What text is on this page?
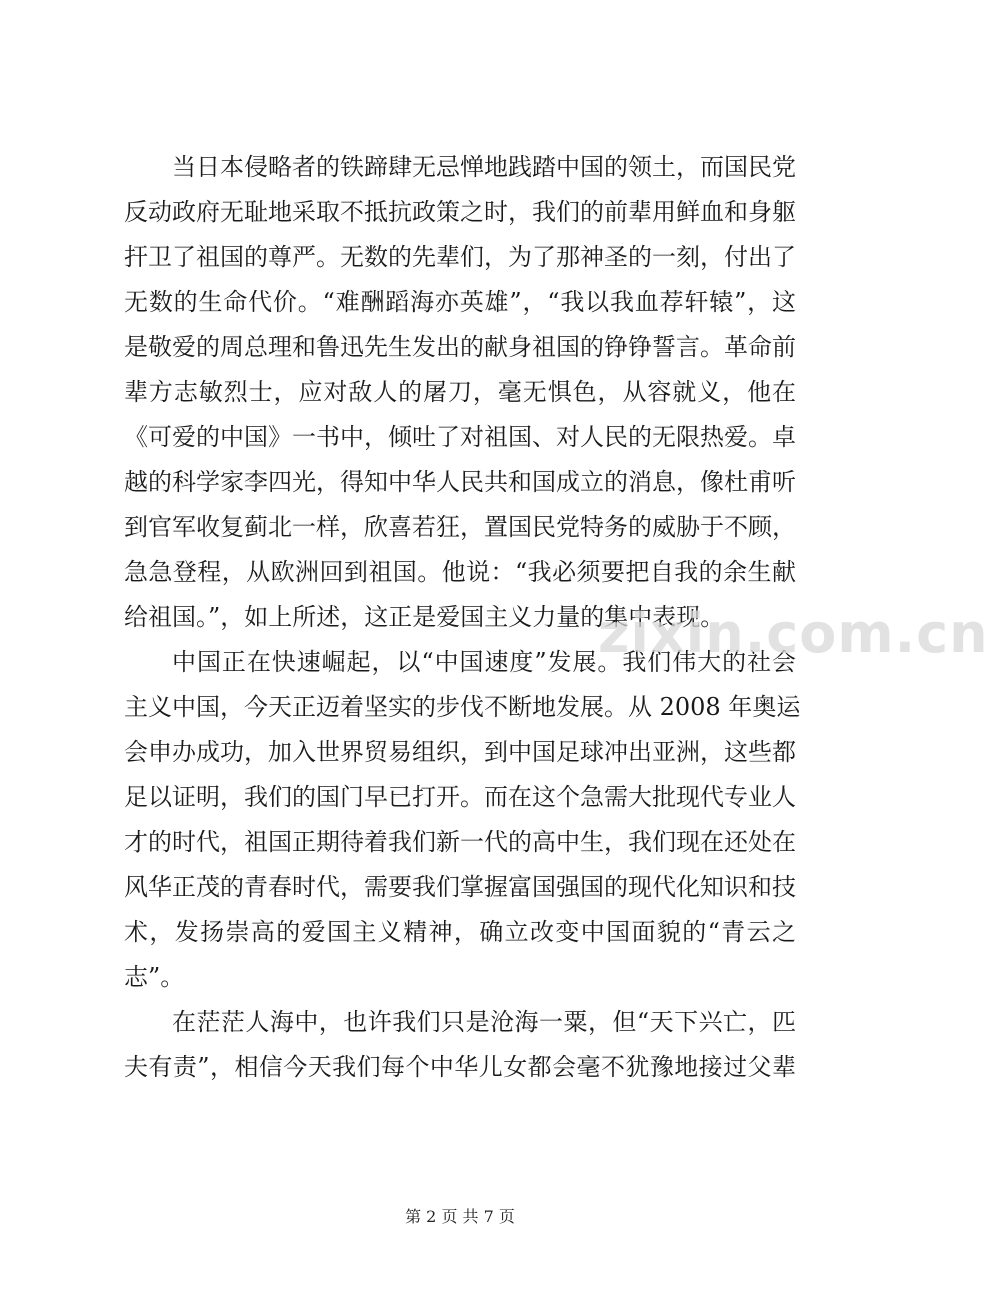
当日本侵略者的铁蹄肆无忌惮地践踏中国的领土，而国民党
反动政府无耻地采取不抵抗政策之时，我们的前辈用鲜血和身躯
扞卫了祖国的尊严。无数的先辈们，为了那神圣的一刻，付出了
无数的生命代价。“难酬蹈海亦英雄”，“我以我血荐轩辕”，这
是敬爱的周总理和鲁迅先生发出的献身祖国的铮铮誓言。革命前
辈方志敏烈士，应对敌人的屠刀，毫无惧色，从容就义，他在
《可爱的中国》一书中，倾吐了对祖国、对人民的无限热爱。卓
越的科学家李四光，得知中华人民共和国成立的消息，像杜甫听
到官军收复蓟北一样，欣喜若狂，置国民党特务的威胁于不顾，
急急登程，从欧洲回到祖国。他说：“我必须要把自我的余生献
给祖国。”，如上所述，这正是爱国主义力量的集中表现。
中国正在快速崛起，以“中国速度”发展。我们伟大的社会
主义中国，今天正迈着坚实的步伐不断地发展。从 2008 年奥运
会申办成功，加入世界贸易组织，到中国足球冲出亚洲，这些都
足以证明，我们的国门早已打开。而在这个急需大批现代专业人
才的时代，祖国正期待着我们新一代的高中生，我们现在还处在
风华正茂的青春时代，需要我们掌握富国强国的现代化知识和技
术，发扬崇高的爱国主义精神，确立改变中国面貌的“青云之
志”。
在茫茫人海中，也许我们只是沧海一粟，但“天下兴亡，匹
夫有责”，相信今天我们每个中华儿女都会毫不犹豫地接过父辈
zixin.com.cn
第 2 页 共 7 页
